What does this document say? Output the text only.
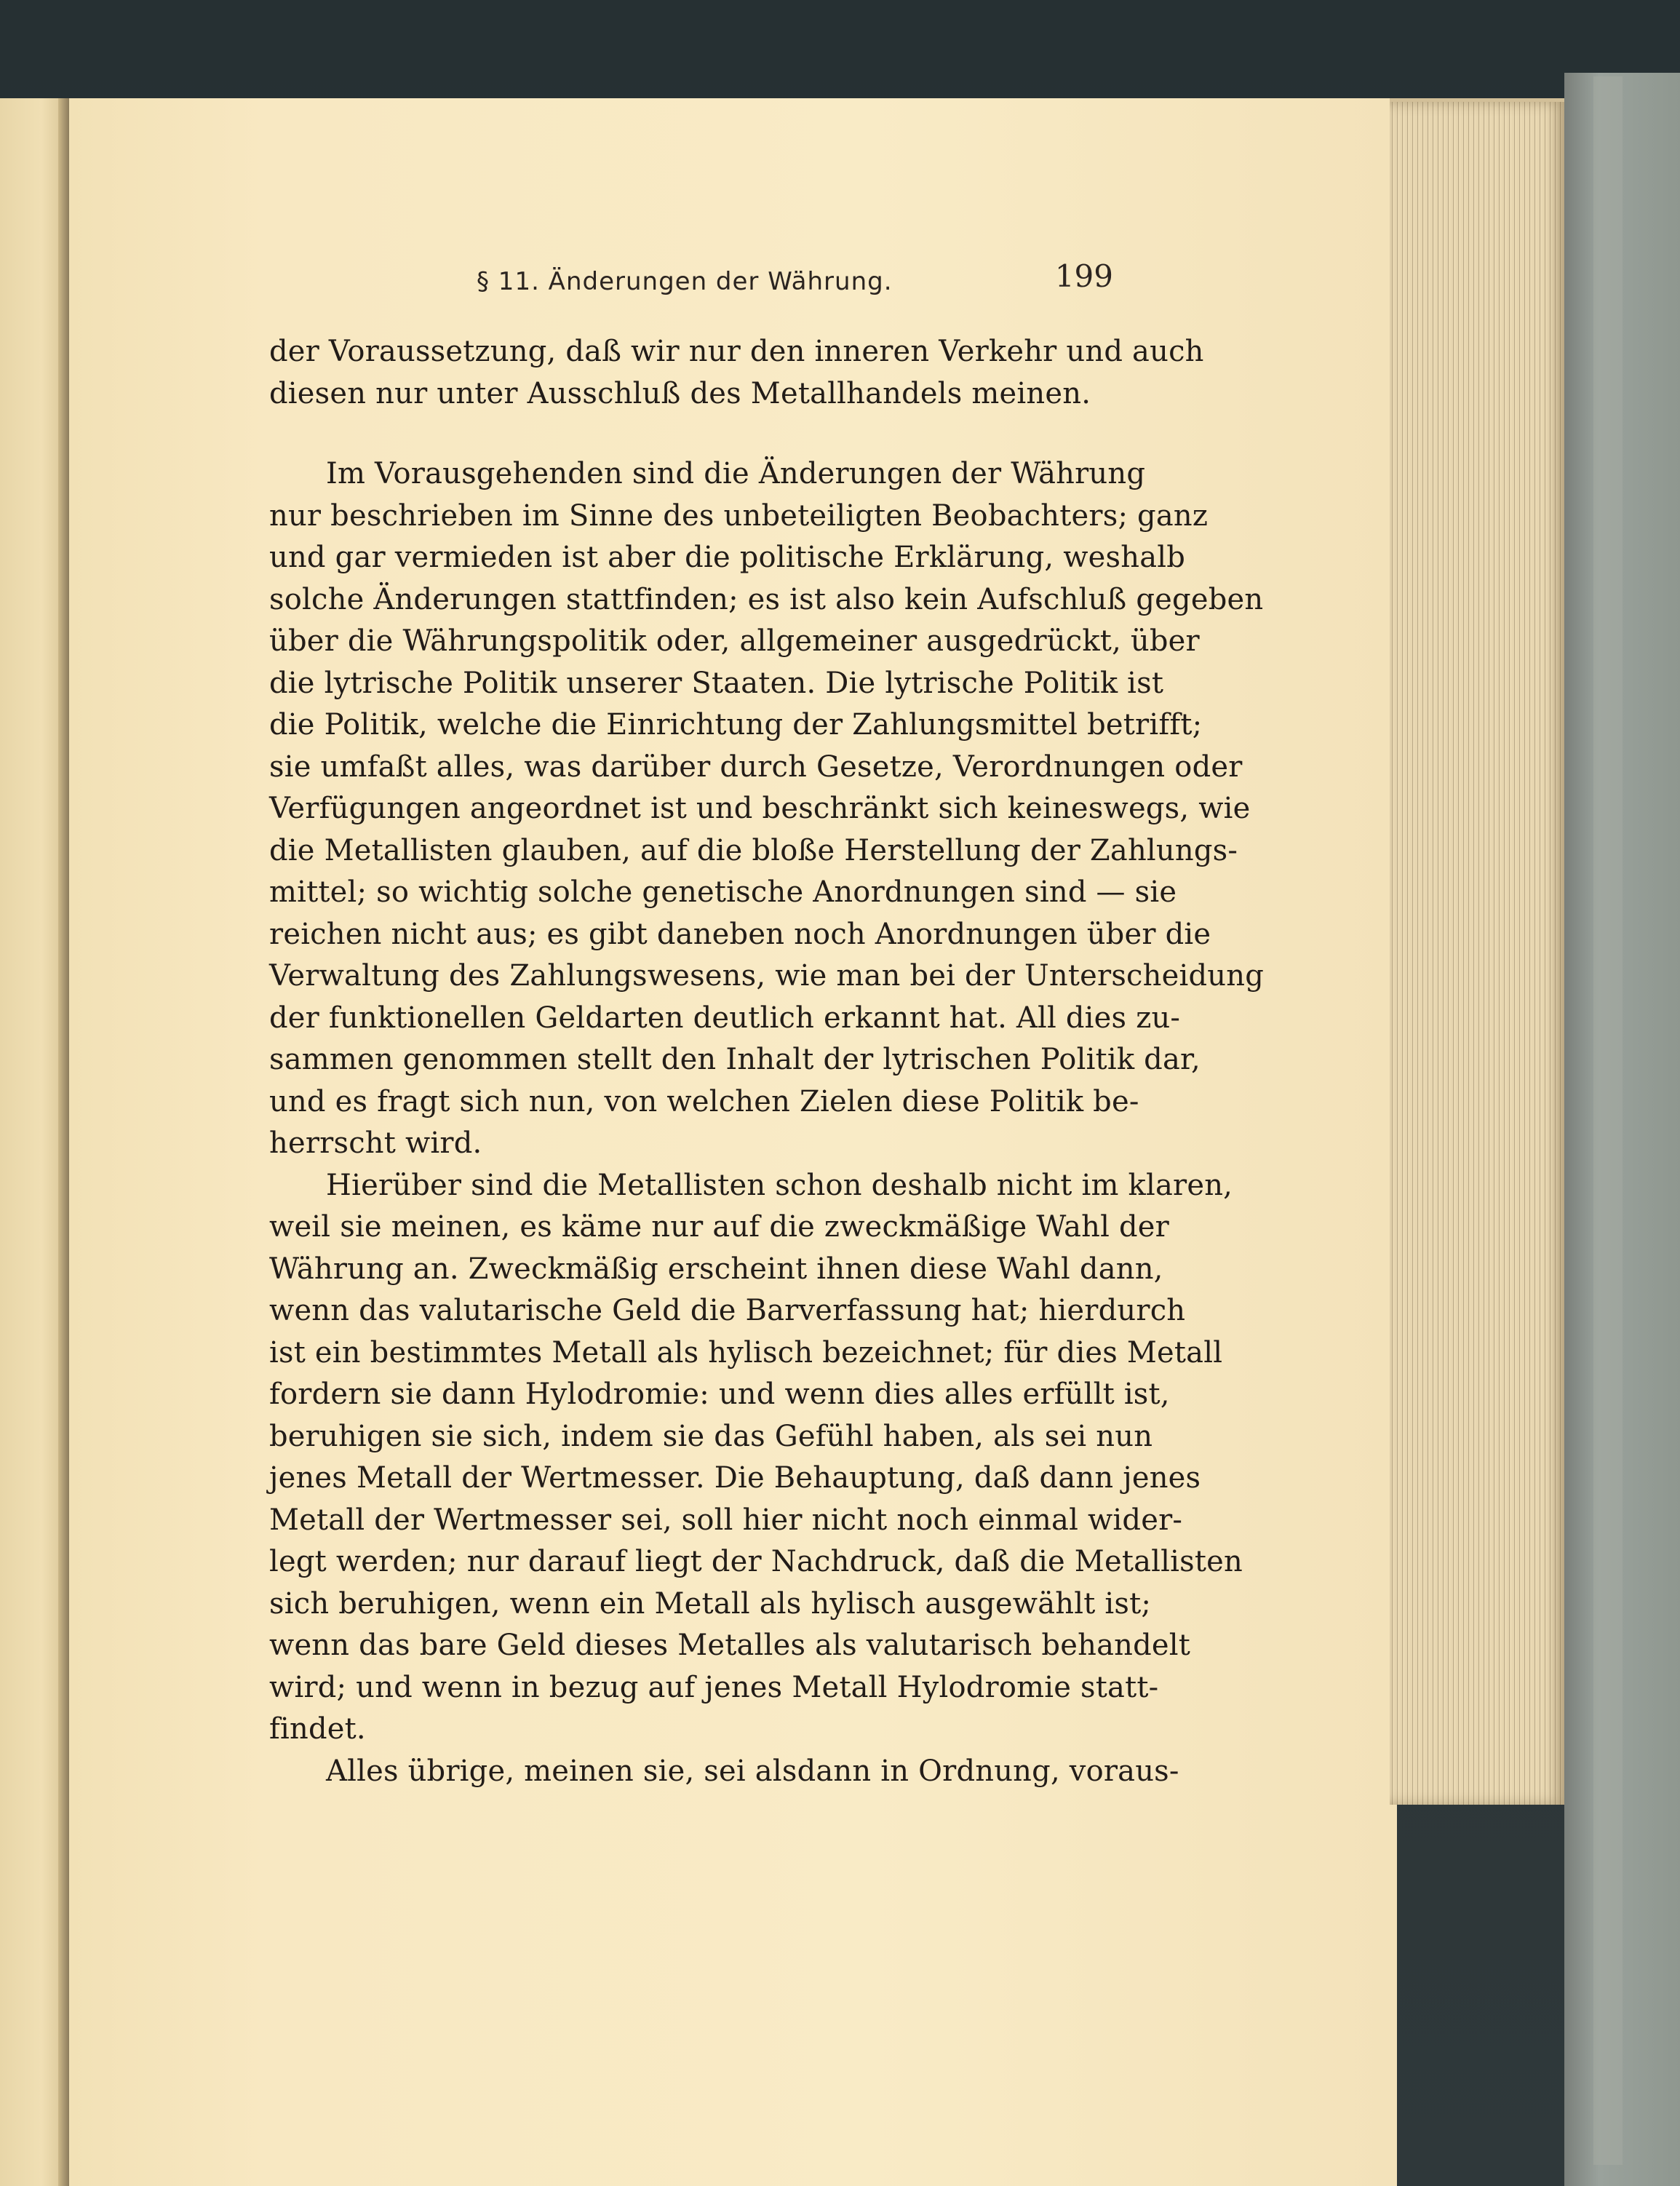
§ 11. Änderungen der Währung.	199
der Voraussetzung, daß wir nur den inneren Verkehr und auch
diesen nur unter Ausschluß des Metallhandels meinen.
Im Vorausgehenden sind die Änderungen der Währung
nur beschrieben im Sinne des unbeteiligten Beobachters; ganz
und gar vermieden ist aber die politische Erklärung, weshalb
solche Änderungen stattfinden; es ist also kein Aufschluß gegeben
über die Währungspolitik oder, allgemeiner ausgedrückt, über
die lytrische Politik unserer Staaten. Die lytrische Politik ist
die Politik, welche die Einrichtung der Zahlungsmittel betrifft;
sie umfaßt alles, was darüber durch Gesetze, Verordnungen oder
Verfügungen angeordnet ist und beschränkt sich keineswegs, wie
die Metallisten glauben, auf die bloße Herstellung der Zahlungs-
mittel; so wichtig solche genetische Anordnungen sind — sie
reichen nicht aus; es gibt daneben noch Anordnungen über die
Verwaltung des Zahlungswesens, wie man bei der Unterscheidung
der funktionellen Geldarten deutlich erkannt hat. All dies zu-
sammen genommen stellt den Inhalt der lytrischen Politik dar,
und es fragt sich nun, von welchen Zielen diese Politik be-
herrscht wird.
Hierüber sind die Metallisten schon deshalb nicht im klaren,
weil sie meinen, es käme nur auf die zweckmäßige Wahl der
Währung an. Zweckmäßig erscheint ihnen diese Wahl dann,
wenn das valutarische Geld die Barverfassung hat; hierdurch
ist ein bestimmtes Metall als hylisch bezeichnet; für dies Metall
fordern sie dann Hylodromie: und wenn dies alles erfüllt ist,
beruhigen sie sich, indem sie das Gefühl haben, als sei nun
jenes Metall der Wertmesser. Die Behauptung, daß dann jenes
Metall der Wertmesser sei, soll hier nicht noch einmal wider-
legt werden; nur darauf liegt der Nachdruck, daß die Metallisten
sich beruhigen, wenn ein Metall als hylisch ausgewählt ist;
wenn das bare Geld dieses Metalles als valutarisch behandelt
wird; und wenn in bezug auf jenes Metall Hylodromie statt-
findet.
Alles übrige, meinen sie, sei alsdann in Ordnung, voraus-
